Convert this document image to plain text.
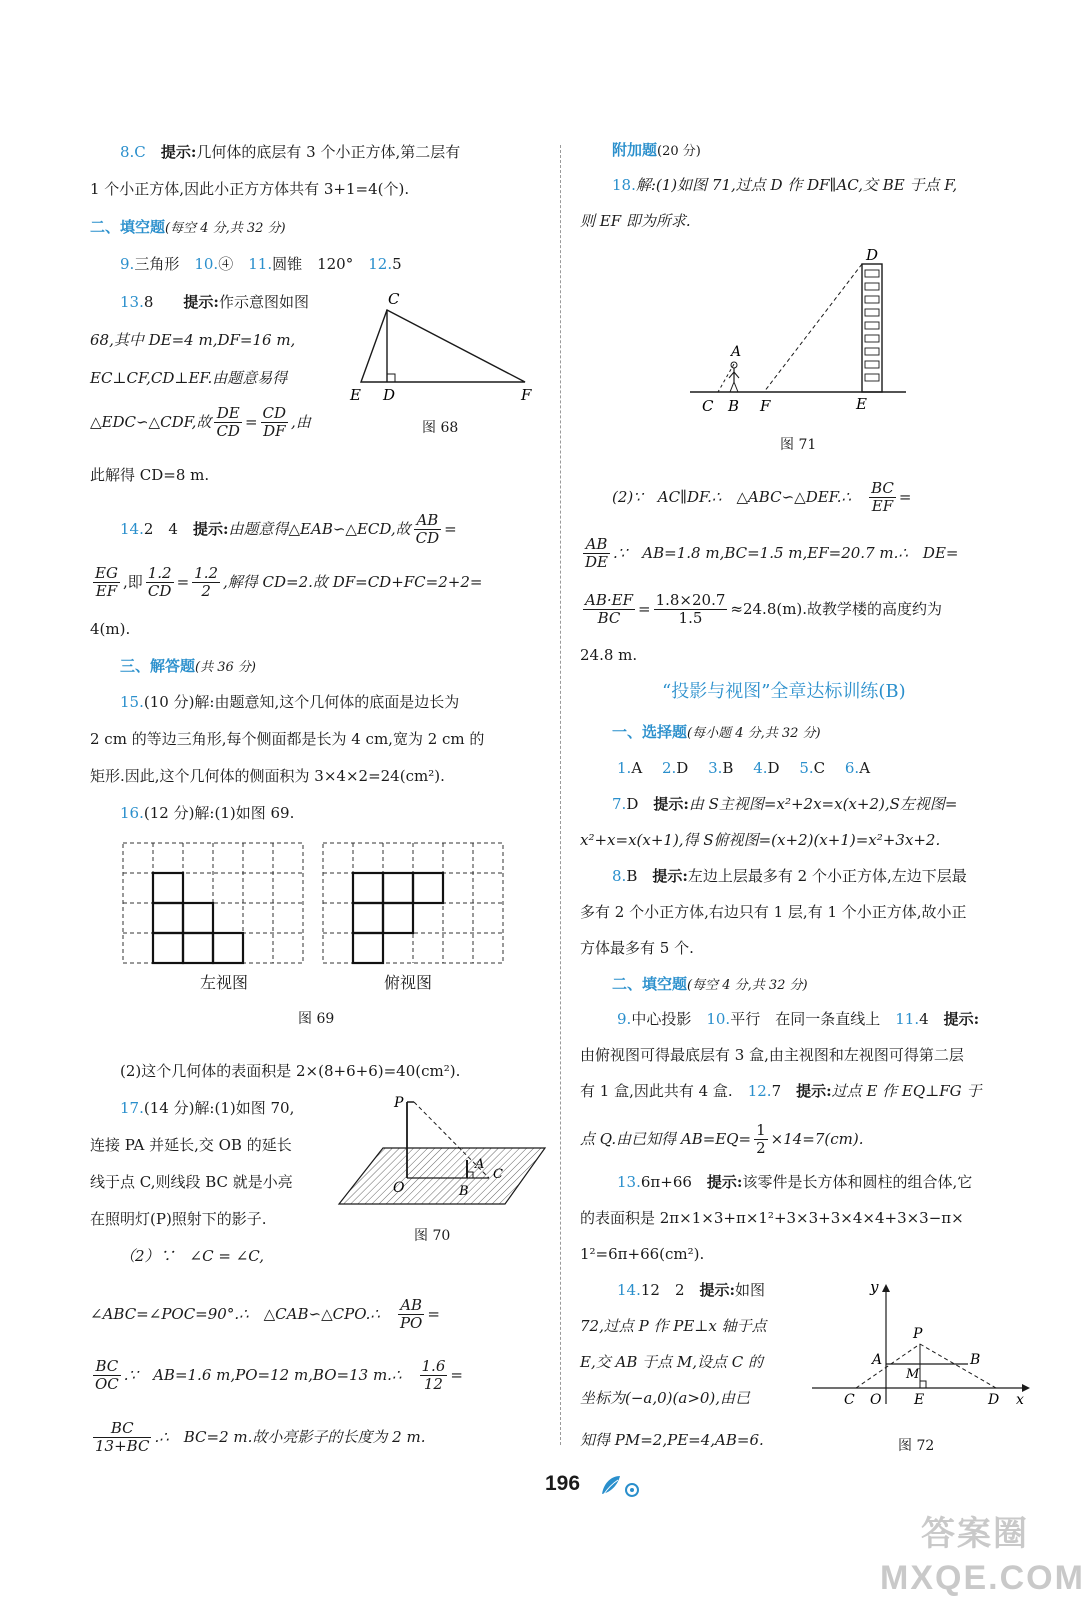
8.C　 提示:几何体的底层有 3 个小正方体,第二层有
1 个小正方体,因此小正方方体共有 3+1=4(个).
二、填空题(每空 4 分,共 32 分)
9.三角形　 10.④　 11.圆锥　120°　 12.5
13.8　　提示:作示意图如图
68,其中 DE=4 m,DF=16 m,
EC⊥CF,CD⊥EF.由题意易得
△EDC∽△CDF,故 $\frac{DE}{CD} = \frac{CD}{DF}$ ,由
此解得 CD=8 m.
C
E D	F
图 68
14.2　4　提示:由题意得△EAB∽△ECD,故 $\frac{AB}{CD}$ =
$\frac{EG}{EF}$ ,即 $\frac{1.2}{CD} = \frac{1.2}{2}$ ,解得 CD=2.故 DF=CD+FC=2+2=
4(m).
三、解答题(共 36 分)
15.(10 分)解:由题意知,这个几何体的底面是边长为
2 cm 的等边三角形,每个侧面都是长为 4 cm,宽为 2 cm 的
矩形.因此,这个几何体的侧面积为 3×4×2=24(cm²).
16.(12 分)解:(1)如图 69.
左视图	俯视图
图 69
(2)这个几何体的表面积是 2×(8+6+6)=40(cm²).
17.(14 分)解:(1)如图 70,
连接 PA 并延长,交 OB 的延长
线于点 C,则线段 BC 就是小亮
在照明灯(P)照射下的影子.
P
O
A
B
C
图 70
（2）∵　∠C = ∠C,
∠ABC=∠POC=90°.∴　△CAB∽△CPO.∴　 $\frac{AB}{PO}$ =
$\frac{BC}{OC}$ .∵　AB=1.6 m,PO=12 m,BO=13 m.∴　 $\frac{1.6}{12}$ =
$\frac{BC}{13+BC}$ .∴　BC=2 m.故小亮影子的长度为 2 m.
附加题(20 分)
18.解:(1)如图 71,过点 D 作 DF∥AC,交 BE 于点 F,
则 EF 即为所求.
D
A
C B F	E
图 71
(2)∵　AC∥DF.∴　△ABC∽△DEF.∴　 $\frac{BC}{EF}$ =
$\frac{AB}{DE}$ .∵　AB=1.8 m,BC=1.5 m,EF=20.7 m.∴　DE=
$\frac{AB\cdot EF}{BC} = \frac{1.8\times 20.7}{1.5} \approx 24.8(m)$.故教学楼的高度约为
24.8 m.
“投影与视图”全章达标训练(B)
一、选择题(每小题 4 分,共 32 分)
1.A　 2.D　 3.B　 4.D　 5.C　 6.A
7.D　提示:由 S主视图=x²+2x=x(x+2),S左视图=
x²+x=x(x+1),得 S俯视图=(x+2)(x+1)=x²+3x+2.
8.B　提示:左边上层最多有 2 个小正方体,左边下层最
多有 2 个小正方体,右边只有 1 层,有 1 个小正方体,故小正
方体最多有 5 个.
二、填空题(每空 4 分,共 32 分)
9.中心投影　 10.平行　在同一条直线上　 11.4　提示:
由俯视图可得最底层有 3 盒,由主视图和左视图可得第二层
有 1 盒,因此共有 4 盒.　 12.7　提示:过点 E 作 EQ⊥FG 于
点 Q.由已知得 $AB=EQ= \frac{1}{2} \times 14=7(cm)$.
13.6π+66　提示:该零件是长方体和圆柱的组合体,它
的表面积是 2π×1×3+π×1²+3×3+3×4×4+3×3−π×
1²=6π+66(cm²).
14.12　2　提示:如图
72,过点 P 作 PE⊥x 轴于点
E,交 AB 于点 M,设点 C 的
坐标为(−a,0)(a>0),由已
知得 PM=2,PE=4,AB=6.
y
P
A	B
M
C O E	D x
图 72
196
答案圈 MXQE.COM
